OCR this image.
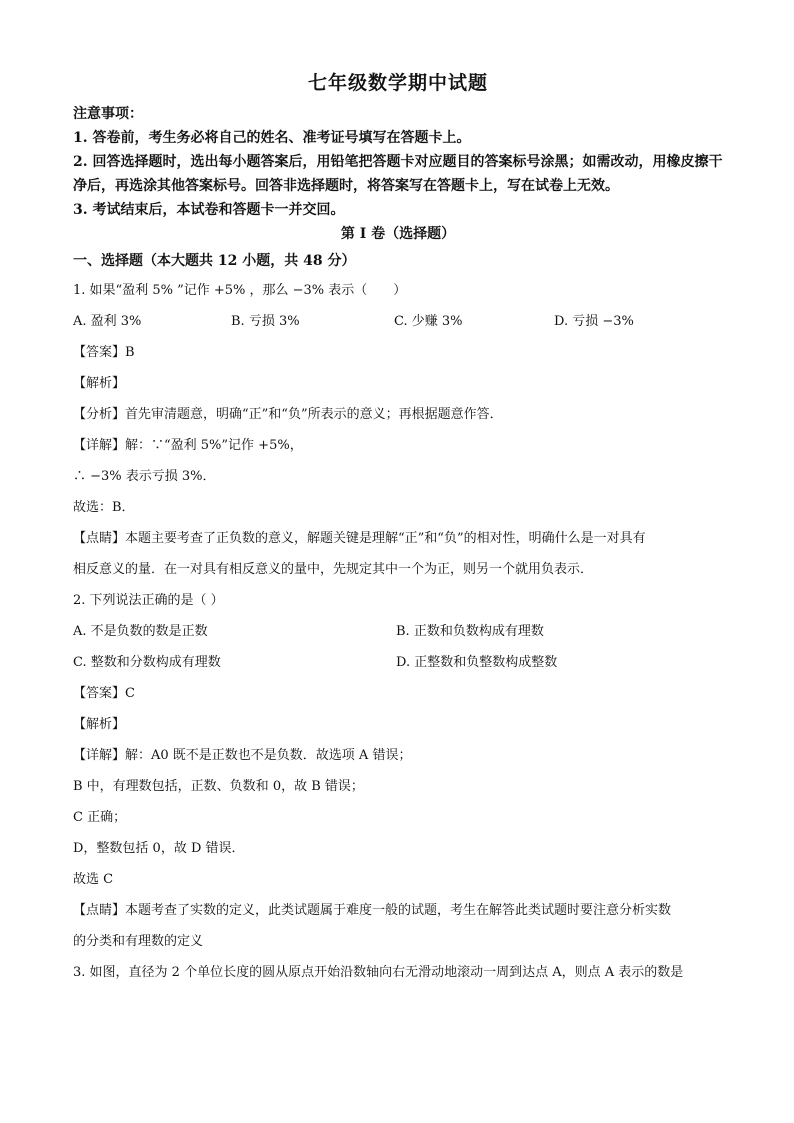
七年级数学期中试题
注意事项：

1. 答卷前，考生务必将自己的姓名、准考证号填写在答题卡上。

2. 回答选择题时，选出每小题答案后，用铅笔把答题卡对应题目的答案标号涂黑；如需改动，用橡皮擦干净后，再选涂其他答案标号。回答非选择题时，将答案写在答题卡上，写在试卷上无效。

3. 考试结束后，本试卷和答题卡一并交回。

第 I 卷（选择题）
一、选择题（本大题共 12 小题，共 48 分）
1. 如果“盈利 5% ”记作 +5% ，那么 −3% 表示（　　）
A. 盈利 3%	B. 亏损 3%	C. 少赚 3%	D. 亏损 −3%
【答案】B
【解析】
【分析】首先审清题意，明确“正”和“负”所表示的意义；再根据题意作答．
【详解】解：∵“盈利 5%”记作 +5%，
∴ −3% 表示亏损 3%．
故选：B．
【点睛】本题主要考查了正负数的意义，解题关键是理解“正”和“负”的相对性，明确什么是一对具有
相反意义的量．在一对具有相反意义的量中，先规定其中一个为正，则另一个就用负表示．
2. 下列说法正确的是（ ）
A. 不是负数的数是正数	B. 正数和负数构成有理数
C. 整数和分数构成有理数	D. 正整数和负整数构成整数
【答案】C
【解析】
【详解】解：A0 既不是正数也不是负数．故选项 A 错误；
B 中，有理数包括，正数、负数和 0，故 B 错误；
C 正确；
D，整数包括 0，故 D 错误．
故选 C
【点睛】本题考查了实数的定义，此类试题属于难度一般的试题，考生在解答此类试题时要注意分析实数
的分类和有理数的定义
3. 如图，直径为 2 个单位长度的圆从原点开始沿数轴向右无滑动地滚动一周到达点 A，则点 A 表示的数是
